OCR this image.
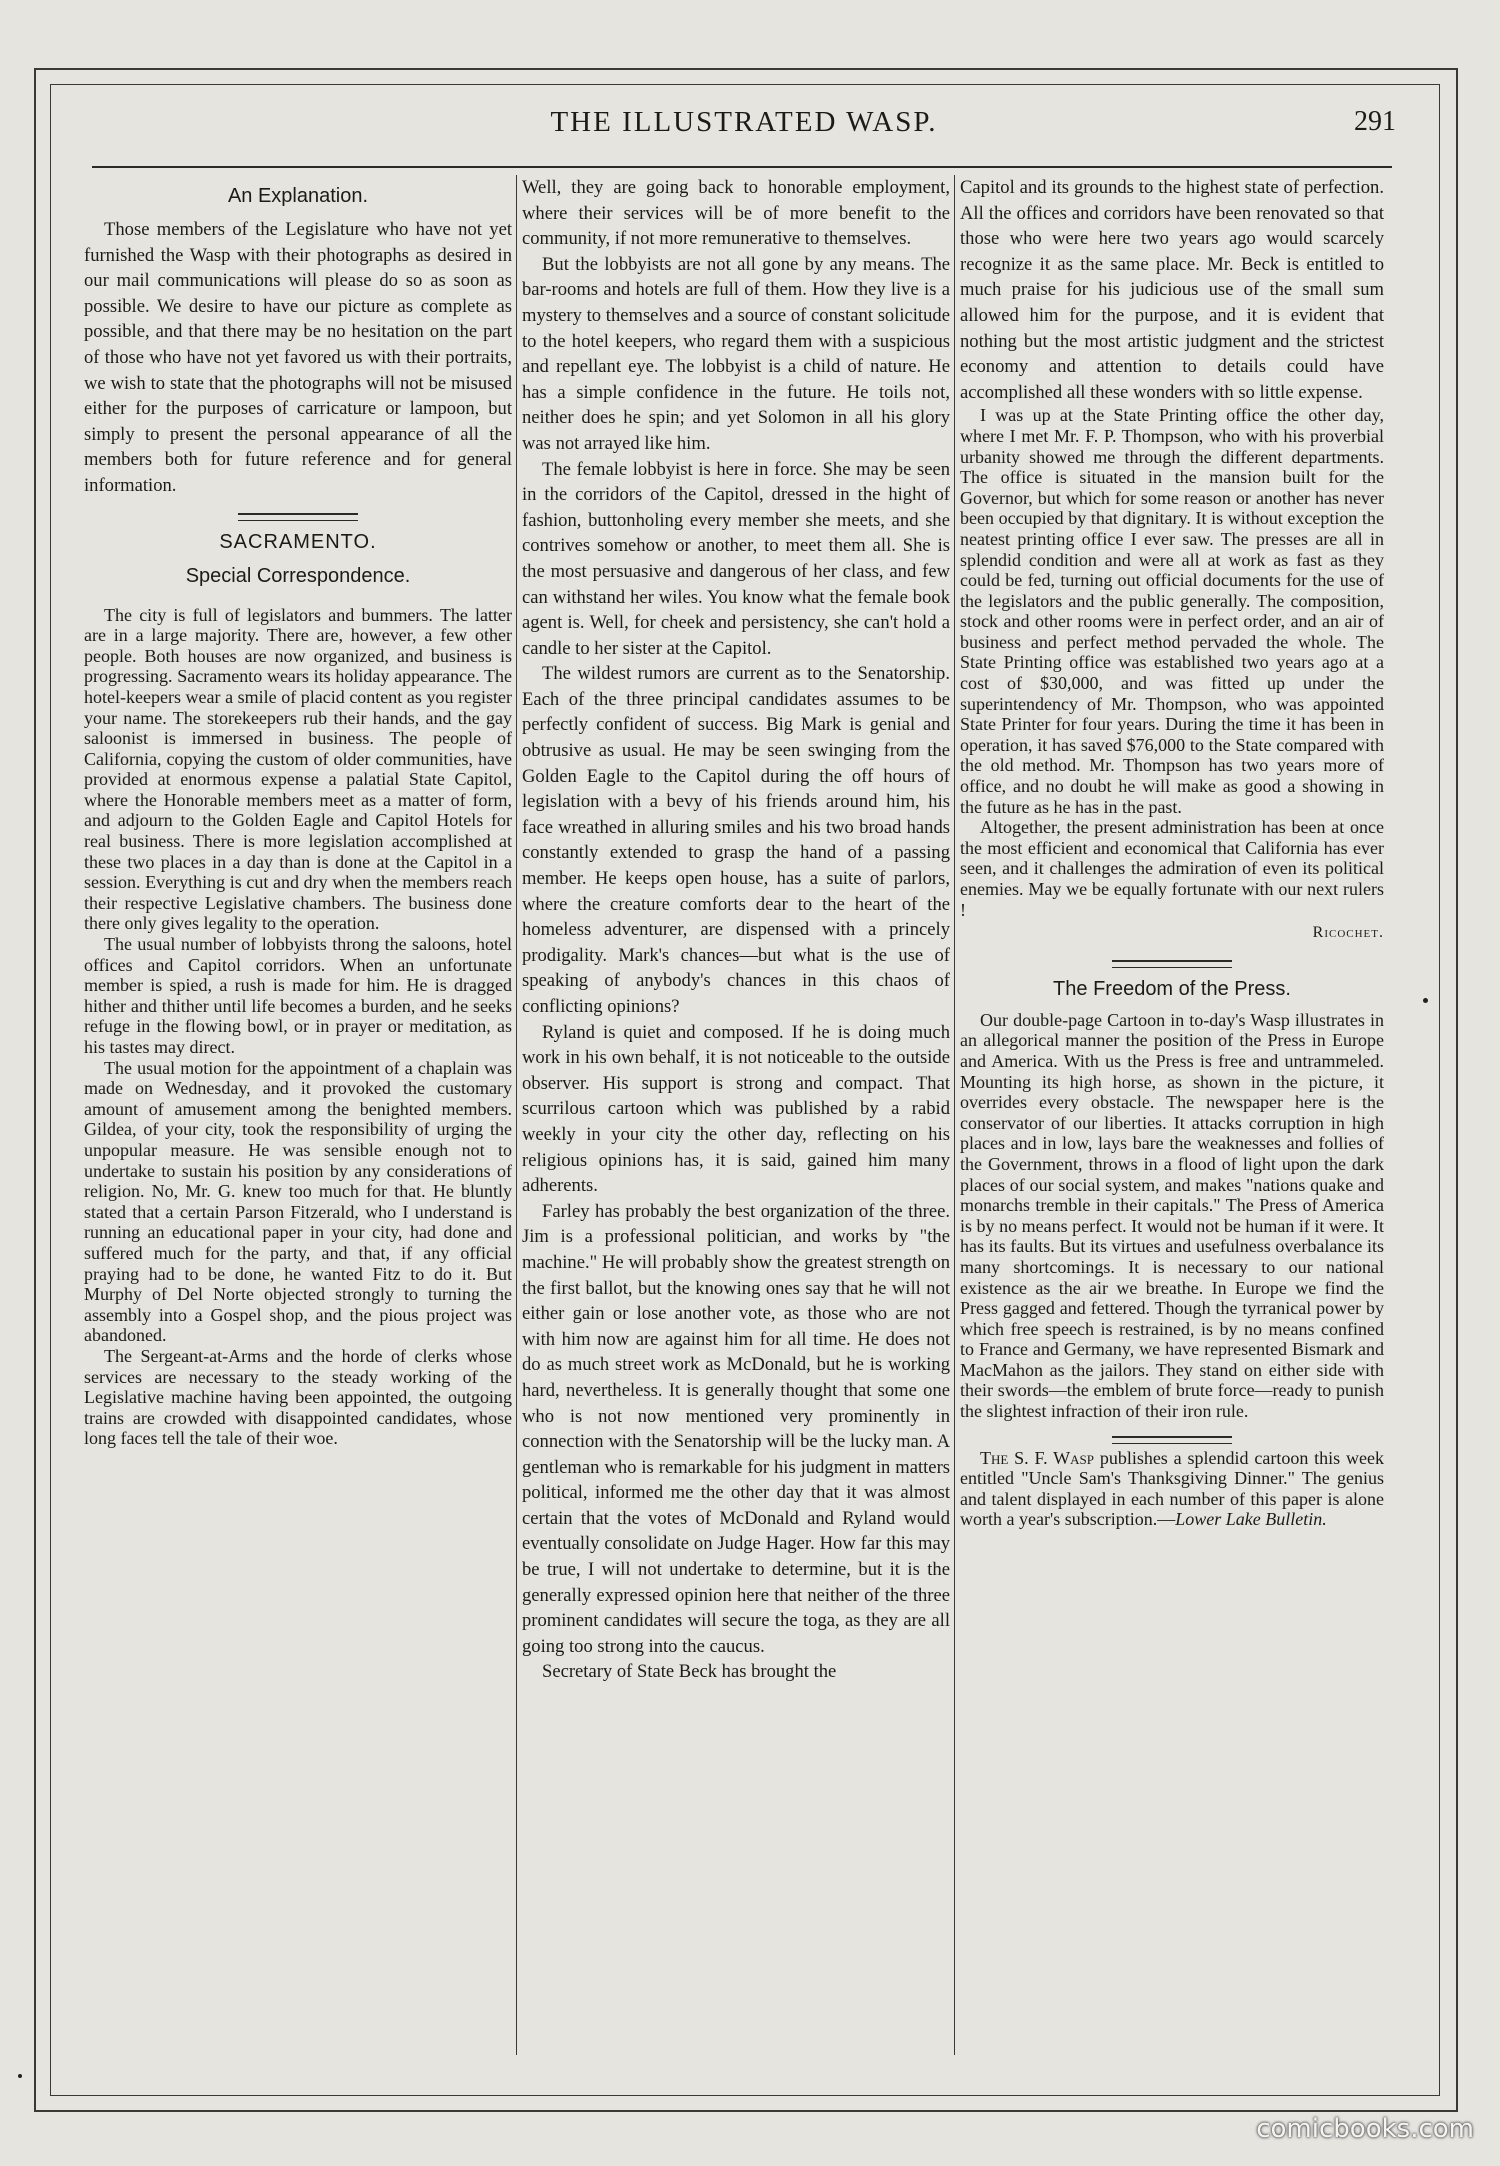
THE ILLUSTRATED WASP.	291
An Explanation.

Those members of the Legislature who have not yet furnished the Wasp with their photographs as desired in our mail communications will please do so as soon as possible. We desire to have our picture as complete as possible, and that there may be no hesitation on the part of those who have not yet favored us with their portraits, we wish to state that the photographs will not be misused either for the purposes of carricature or lampoon, but simply to present the personal appearance of all the members both for future reference and for general information.

SACRAMENTO.
Special Correspondence.

The city is full of legislators and bummers. The latter are in a large majority. There are, however, a few other people. Both houses are now organized, and business is progressing. Sacramento wears its holiday appearance. The hotel-keepers wear a smile of placid content as you register your name. The storekeepers rub their hands, and the gay saloonist is immersed in business. The people of California, copying the custom of older communities, have provided at enormous expense a palatial State Capitol, where the Honorable members meet as a matter of form, and adjourn to the Golden Eagle and Capitol Hotels for real business. There is more legislation accomplished at these two places in a day than is done at the Capitol in a session. Everything is cut and dry when the members reach their respective Legislative chambers. The business done there only gives legality to the operation.

The usual number of lobbyists throng the saloons, hotel offices and Capitol corridors. When an unfortunate member is spied, a rush is made for him. He is dragged hither and thither until life becomes a burden, and he seeks refuge in the flowing bowl, or in prayer or meditation, as his tastes may direct.

The usual motion for the appointment of a chaplain was made on Wednesday, and it provoked the customary amount of amusement among the benighted members. Gildea, of your city, took the responsibility of urging the unpopular measure. He was sensible enough not to undertake to sustain his position by any considerations of religion. No, Mr. G. knew too much for that. He bluntly stated that a certain Parson Fitzerald, who I understand is running an educational paper in your city, had done and suffered much for the party, and that, if any official praying had to be done, he wanted Fitz to do it. But Murphy of Del Norte objected strongly to turning the assembly into a Gospel shop, and the pious project was abandoned.

The Sergeant-at-Arms and the horde of clerks whose services are necessary to the steady working of the Legislative machine having been appointed, the outgoing trains are crowded with disappointed candidates, whose long faces tell the tale of their woe.

Well, they are going back to honorable employment, where their services will be of more benefit to the community, if not more remunerative to themselves.

But the lobbyists are not all gone by any means. The bar-rooms and hotels are full of them. How they live is a mystery to themselves and a source of constant solicitude to the hotel keepers, who regard them with a suspicious and repellant eye. The lobbyist is a child of nature. He has a simple confidence in the future. He toils not, neither does he spin; and yet Solomon in all his glory was not arrayed like him.

The female lobbyist is here in force. She may be seen in the corridors of the Capitol, dressed in the hight of fashion, buttonholing every member she meets, and she contrives somehow or another, to meet them all. She is the most persuasive and dangerous of her class, and few can withstand her wiles. You know what the female book agent is. Well, for cheek and persistency, she can't hold a candle to her sister at the Capitol.

The wildest rumors are current as to the Senatorship. Each of the three principal candidates assumes to be perfectly confident of success. Big Mark is genial and obtrusive as usual. He may be seen swinging from the Golden Eagle to the Capitol during the off hours of legislation with a bevy of his friends around him, his face wreathed in alluring smiles and his two broad hands constantly extended to grasp the hand of a passing member. He keeps open house, has a suite of parlors, where the creature comforts dear to the heart of the homeless adventurer, are dispensed with a princely prodigality. Mark's chances—but what is the use of speaking of anybody's chances in this chaos of conflicting opinions?

Ryland is quiet and composed. If he is doing much work in his own behalf, it is not noticeable to the outside observer. His support is strong and compact. That scurrilous cartoon which was published by a rabid weekly in your city the other day, reflecting on his religious opinions has, it is said, gained him many adherents.

Farley has probably the best organization of the three. Jim is a professional politician, and works by "the machine." He will probably show the greatest strength on the first ballot, but the knowing ones say that he will not either gain or lose another vote, as those who are not with him now are against him for all time. He does not do as much street work as McDonald, but he is working hard, nevertheless. It is generally thought that some one who is not now mentioned very prominently in connection with the Senatorship will be the lucky man. A gentleman who is remarkable for his judgment in matters political, informed me the other day that it was almost certain that the votes of McDonald and Ryland would eventually consolidate on Judge Hager. How far this may be true, I will not undertake to determine, but it is the generally expressed opinion here that neither of the three prominent candidates will secure the toga, as they are all going too strong into the caucus.

Secretary of State Beck has brought the

Capitol and its grounds to the highest state of perfection. All the offices and corridors have been renovated so that those who were here two years ago would scarcely recognize it as the same place. Mr. Beck is entitled to much praise for his judicious use of the small sum allowed him for the purpose, and it is evident that nothing but the most artistic judgment and the strictest economy and attention to details could have accomplished all these wonders with so little expense.

I was up at the State Printing office the other day, where I met Mr. F. P. Thompson, who with his proverbial urbanity showed me through the different departments. The office is situated in the mansion built for the Governor, but which for some reason or another has never been occupied by that dignitary. It is without exception the neatest printing office I ever saw. The presses are all in splendid condition and were all at work as fast as they could be fed, turning out official documents for the use of the legislators and the public generally. The composition, stock and other rooms were in perfect order, and an air of business and perfect method pervaded the whole. The State Printing office was established two years ago at a cost of $30,000, and was fitted up under the superintendency of Mr. Thompson, who was appointed State Printer for four years. During the time it has been in operation, it has saved $76,000 to the State compared with the old method. Mr. Thompson has two years more of office, and no doubt he will make as good a showing in the future as he has in the past.

Altogether, the present administration has been at once the most efficient and economical that California has ever seen, and it challenges the admiration of even its political enemies. May we be equally fortunate with our next rulers !

Ricochet.
The Freedom of the Press.

Our double-page Cartoon in to-day's Wasp illustrates in an allegorical manner the position of the Press in Europe and America. With us the Press is free and untrammeled. Mounting its high horse, as shown in the picture, it overrides every obstacle. The newspaper here is the conservator of our liberties. It attacks corruption in high places and in low, lays bare the weaknesses and follies of the Government, throws in a flood of light upon the dark places of our social system, and makes "nations quake and monarchs tremble in their capitals." The Press of America is by no means perfect. It would not be human if it were. It has its faults. But its virtues and usefulness overbalance its many shortcomings. It is necessary to our national existence as the air we breathe. In Europe we find the Press gagged and fettered. Though the tyrranical power by which free speech is restrained, is by no means confined to France and Germany, we have represented Bismark and MacMahon as the jailors. They stand on either side with their swords—the emblem of brute force—ready to punish the slightest infraction of their iron rule.

The S. F. Wasp publishes a splendid cartoon this week entitled "Uncle Sam's Thanksgiving Dinner." The genius and talent displayed in each number of this paper is alone worth a year's subscription.—Lower Lake Bulletin.

comicbooks.com
